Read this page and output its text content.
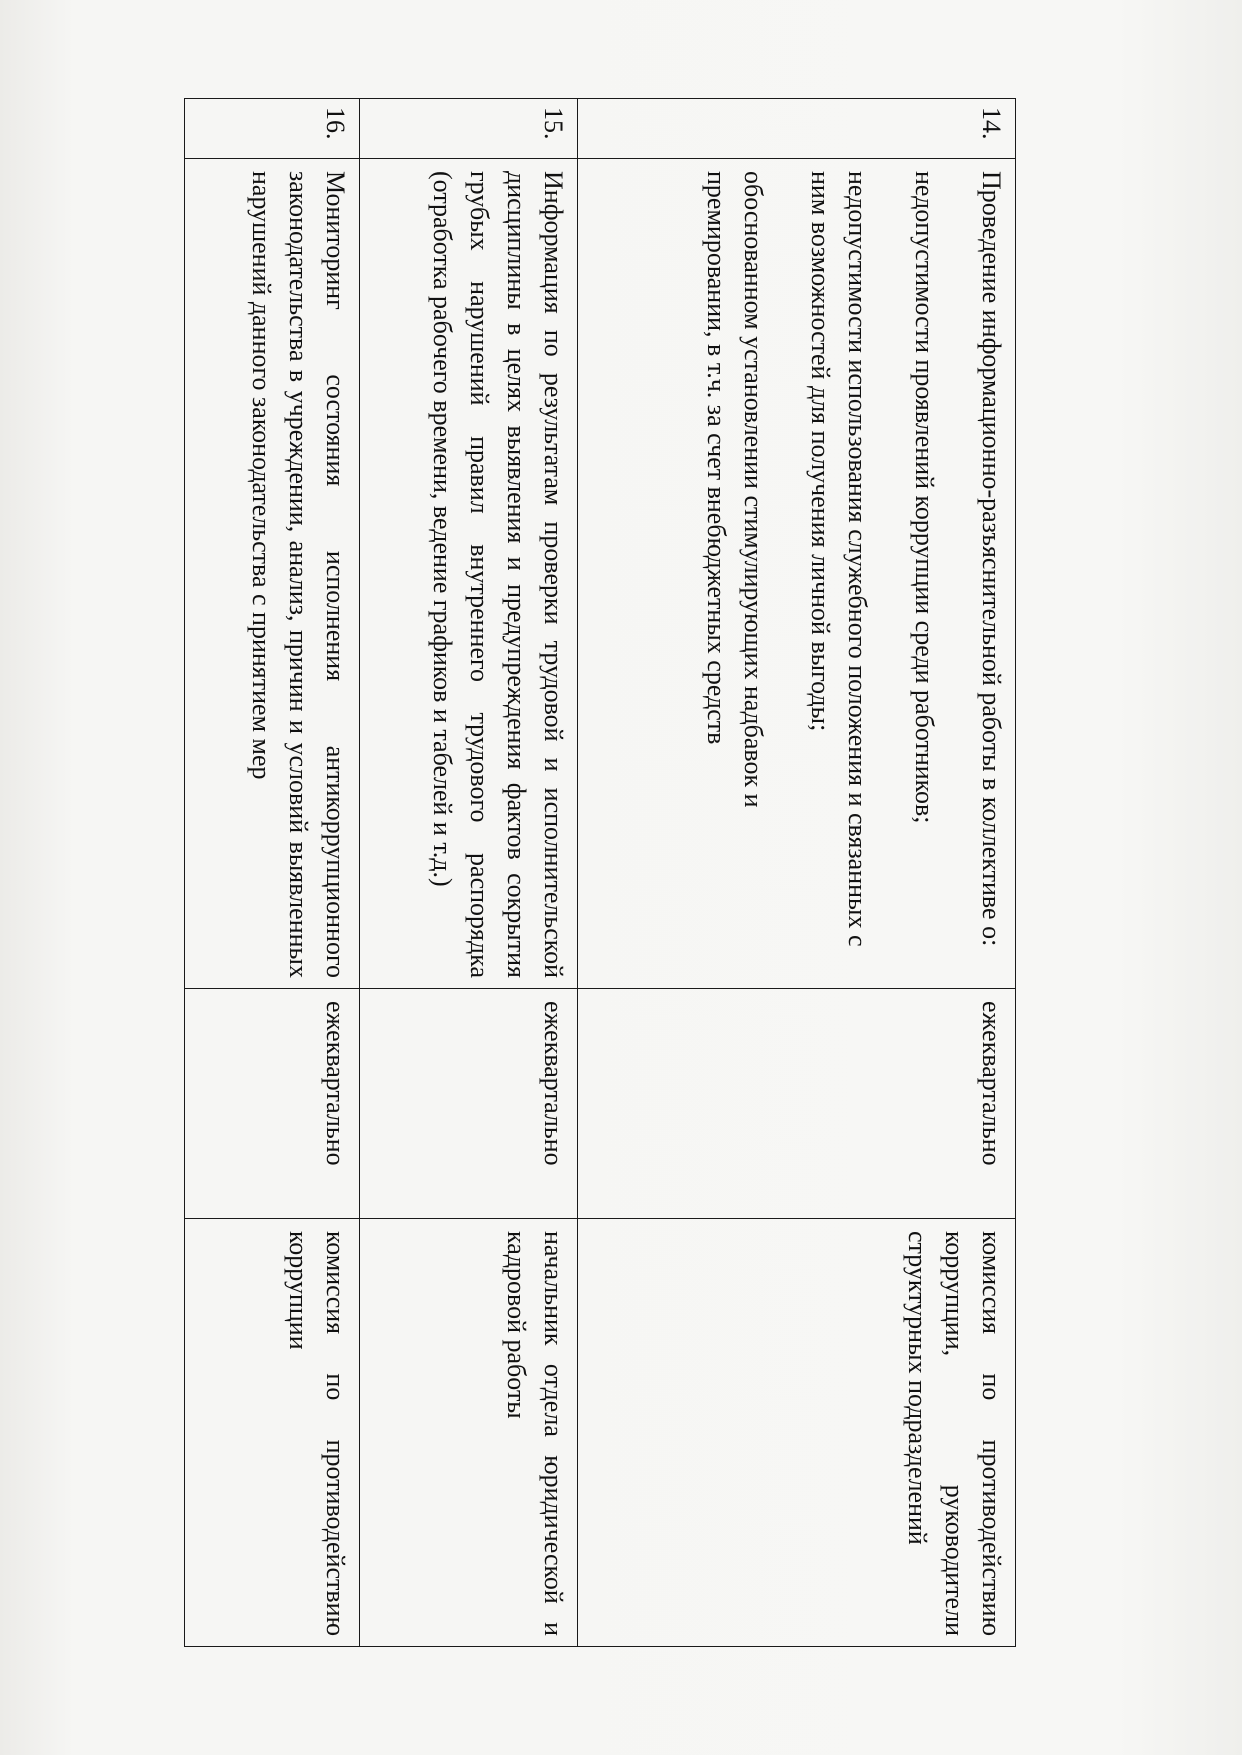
14.	Проведение информационно-разъяснительной работы в коллективе о:

недопустимости проявлений коррупции среди работников;

недопустимости использования служебного положения и связанных с ним возможностей для получения личной выгоды;

обоснованном установлении стимулирующих надбавок и премировании, в т.ч. за счет внебюджетных средств	ежеквартально	комиссия по противодействию коррупции, руководители структурных подразделений
15.	Информация по результатам проверки трудовой и исполнительской дисциплины в целях выявления и предупреждения фактов сокрытия грубых нарушений правил внутреннего трудового распорядка (отработка рабочего времени, ведение графиков и табелей и т.д.)	ежеквартально	начальник отдела юридической и кадровой работы
16.	Мониторинг состояния исполнения антикоррупционного законодательства в учреждении, анализ, причин и условий выявленных нарушений данного законодательства с принятием мер	ежеквартально	комиссия по противодействию коррупции
